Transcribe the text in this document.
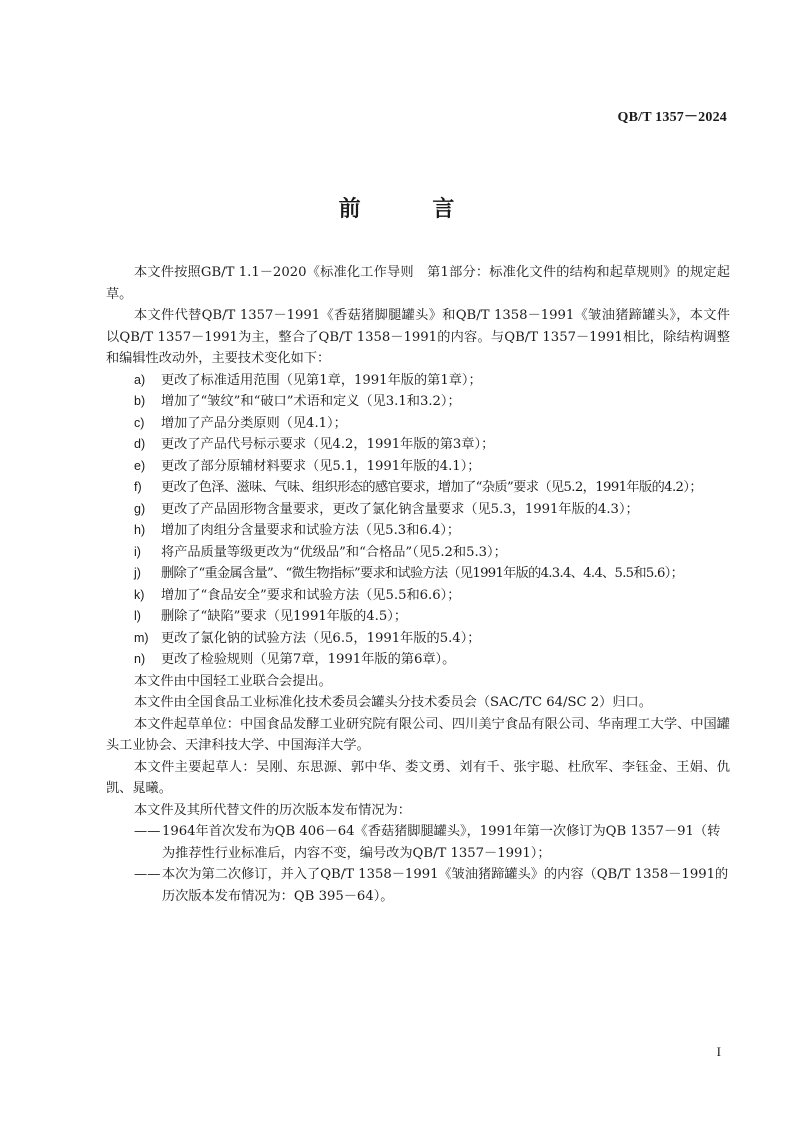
QB/T 1357－2024
前 言

本文件按照GB/T 1.1－2020《标准化工作导则　第1部分：标准化文件的结构和起草规则》的规定起草。

本文件代替QB/T 1357－1991《香菇猪脚腿罐头》和QB/T 1358－1991《皱油猪蹄罐头》，本文件以QB/T 1357－1991为主，整合了QB/T 1358－1991的内容。与QB/T 1357－1991相比，除结构调整和编辑性改动外，主要技术变化如下：

a)	更改了标准适用范围（见第1章，1991年版的第1章）；
b)	增加了“皱纹”和“破口”术语和定义（见3.1和3.2）；
c)	增加了产品分类原则（见4.1）；
d)	更改了产品代号标示要求（见4.2，1991年版的第3章）；
e)	更改了部分原辅材料要求（见5.1，1991年版的4.1）；
f)	更改了色泽、滋味、气味、组织形态的感官要求，增加了“杂质”要求（见5.2，1991年版的4.2）；
g)	更改了产品固形物含量要求，更改了氯化钠含量要求（见5.3，1991年版的4.3）；
h)	增加了肉组分含量要求和试验方法（见5.3和6.4）；
i)	将产品质量等级更改为“优级品”和“合格品”（见5.2和5.3）；
j)	删除了“重金属含量”、“微生物指标”要求和试验方法（见1991年版的4.3.4、4.4、5.5和5.6）；
k)	增加了“食品安全”要求和试验方法（见5.5和6.6）；
l)	删除了“缺陷”要求（见1991年版的4.5）；
m) 更改了氯化钠的试验方法（见6.5，1991年版的5.4）；
n)	更改了检验规则（见第7章，1991年版的第6章）。

本文件由中国轻工业联合会提出。

本文件由全国食品工业标准化技术委员会罐头分技术委员会（SAC/TC 64/SC 2）归口。

本文件起草单位：中国食品发酵工业研究院有限公司、四川美宁食品有限公司、华南理工大学、中国罐头工业协会、天津科技大学、中国海洋大学。

本文件主要起草人：吴刚、东思源、郭中华、娄文勇、刘有千、张宇聪、杜欣军、李钰金、王娟、仇凯、晁曦。

本文件及其所代替文件的历次版本发布情况为：

—— 1964年首次发布为QB 406－64《香菇猪脚腿罐头》，1991年第一次修订为QB 1357－91（转为推荐性行业标准后，内容不变，编号改为QB/T 1357－1991）；
—— 本次为第二次修订，并入了QB/T 1358－1991《皱油猪蹄罐头》的内容（QB/T 1358－1991的历次版本发布情况为：QB 395－64）。
I
